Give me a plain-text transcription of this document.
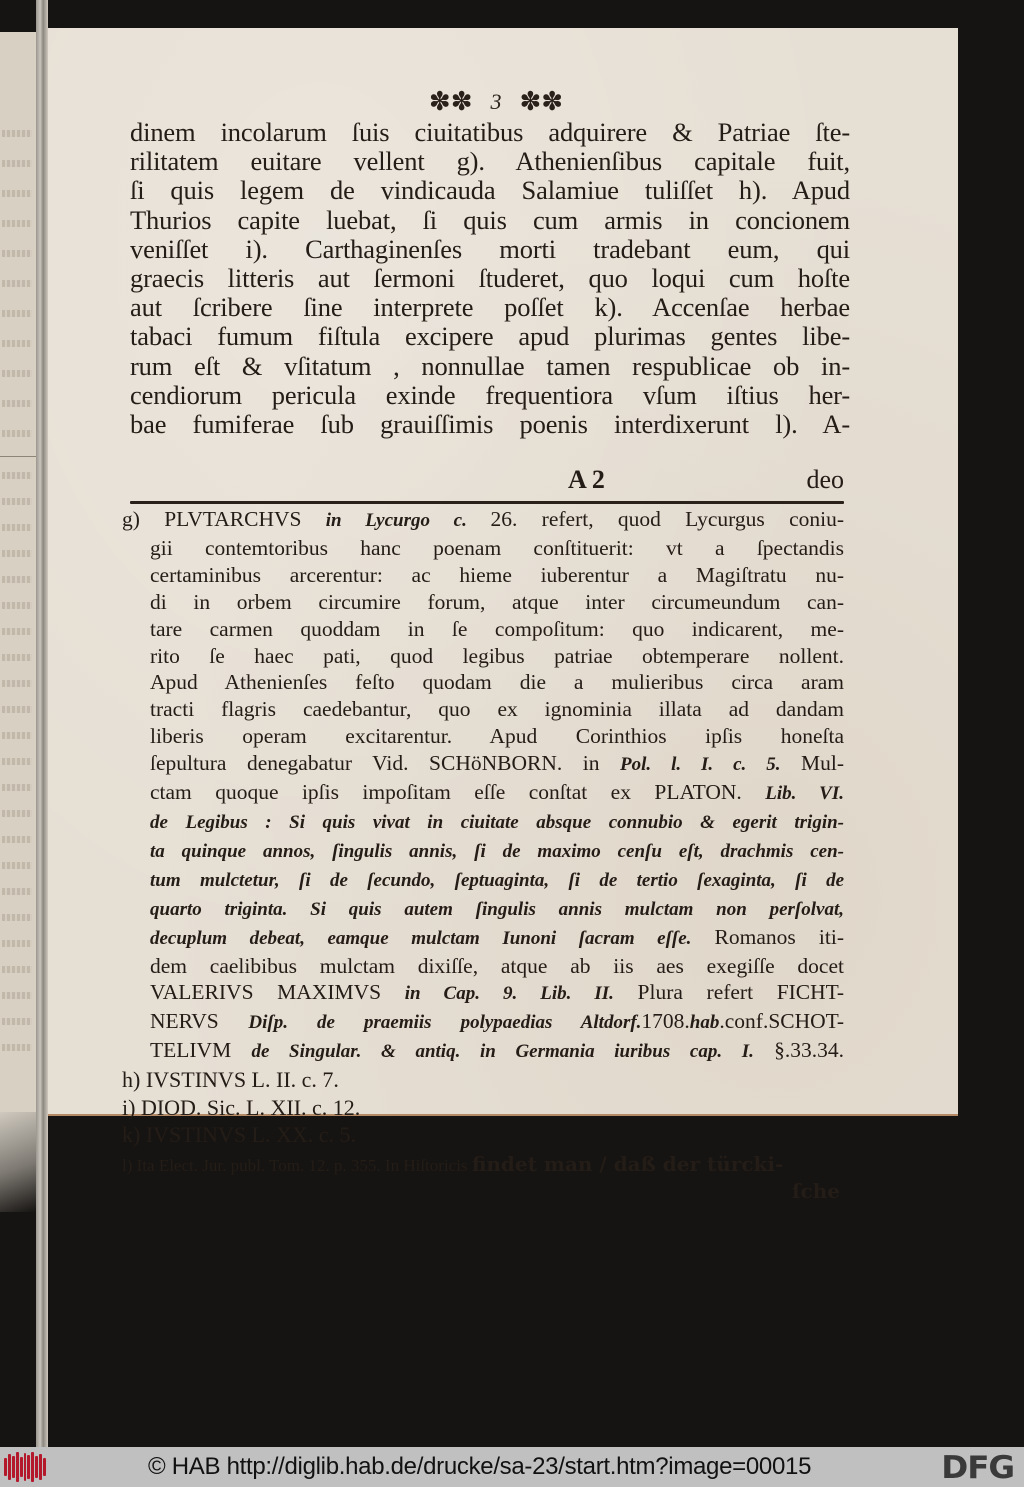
✽✽ 3 ✽✽
dinem incolarum ſuis ciuitatibus adquirere & Patriae ſte-
rilitatem euitare vellent g). Athenienſibus capitale fuit,
ſi quis legem de vindicauda Salamiue tuliſſet h). Apud
Thurios capite luebat, ſi quis cum armis in concionem
veniſſet i). Carthaginenſes morti tradebant eum, qui
graecis litteris aut ſermoni ſtuderet, quo loqui cum hoſte
aut ſcribere ſine interprete poſſet k). Accenſae herbae
tabaci fumum fiſtula excipere apud plurimas gentes libe-
rum eſt & vſitatum , nonnullae tamen respublicae ob in-
cendiorum pericula exinde frequentiora vſum iſtius her-
bae fumiferae ſub grauiſſimis poenis interdixerunt l). A-
A 2	deo
g) PLVTARCHVS in Lycurgo c. 26. refert, quod Lycurgus coniu-
gii contemtoribus hanc poenam conſtituerit: vt a ſpectandis
certaminibus arcerentur: ac hieme iuberentur a Magiſtratu nu-
di in orbem circumire forum, atque inter circumeundum can-
tare carmen quoddam in ſe compoſitum: quo indicarent, me-
rito ſe haec pati, quod legibus patriae obtemperare nollent.
Apud Athenienſes feſto quodam die a mulieribus circa aram
tracti flagris caedebantur, quo ex ignominia illata ad dandam
liberis operam excitarentur. Apud Corinthios ipſis honeſta
ſepultura denegabatur Vid. SCHöNBORN. in Pol. l. I. c. 5. Mul-
ctam quoque ipſis impoſitam eſſe conſtat ex PLATON. Lib. VI.
de Legibus : Si quis vivat in ciuitate absque connubio & egerit trigin-
ta quinque annos, ſingulis annis, ſi de maximo cenſu eſt, drachmis cen-
tum mulctetur, ſi de ſecundo, ſeptuaginta, ſi de tertio ſexaginta, ſi de
quarto triginta. Si quis autem ſingulis annis mulctam non perſolvat,
decuplum debeat, eamque mulctam Iunoni ſacram eſſe. Romanos iti-
dem caelibibus mulctam dixiſſe, atque ab iis aes exegiſſe docet
VALERIVS MAXIMVS in Cap. 9. Lib. II. Plura refert FICHT-
NERVS Diſp. de praemiis polypaedias Altdorf.1708.hab.conf.SCHOT-
TELIVM de Singular. & antiq. in Germania iuribus cap. I. §.33.34.
h) IVSTINVS L. II. c. 7.
i) DIOD. Sic. L. XII. c. 12.
k) IVSTINVS L. XX. c. 5.
l) Ita Elect. Jur. publ. Tom. 12. p. 355. In Hiſtoricis findet man / daß der türcki-
ſche
© HAB http://diglib.hab.de/drucke/sa-23/start.htm?image=00015	DFG
